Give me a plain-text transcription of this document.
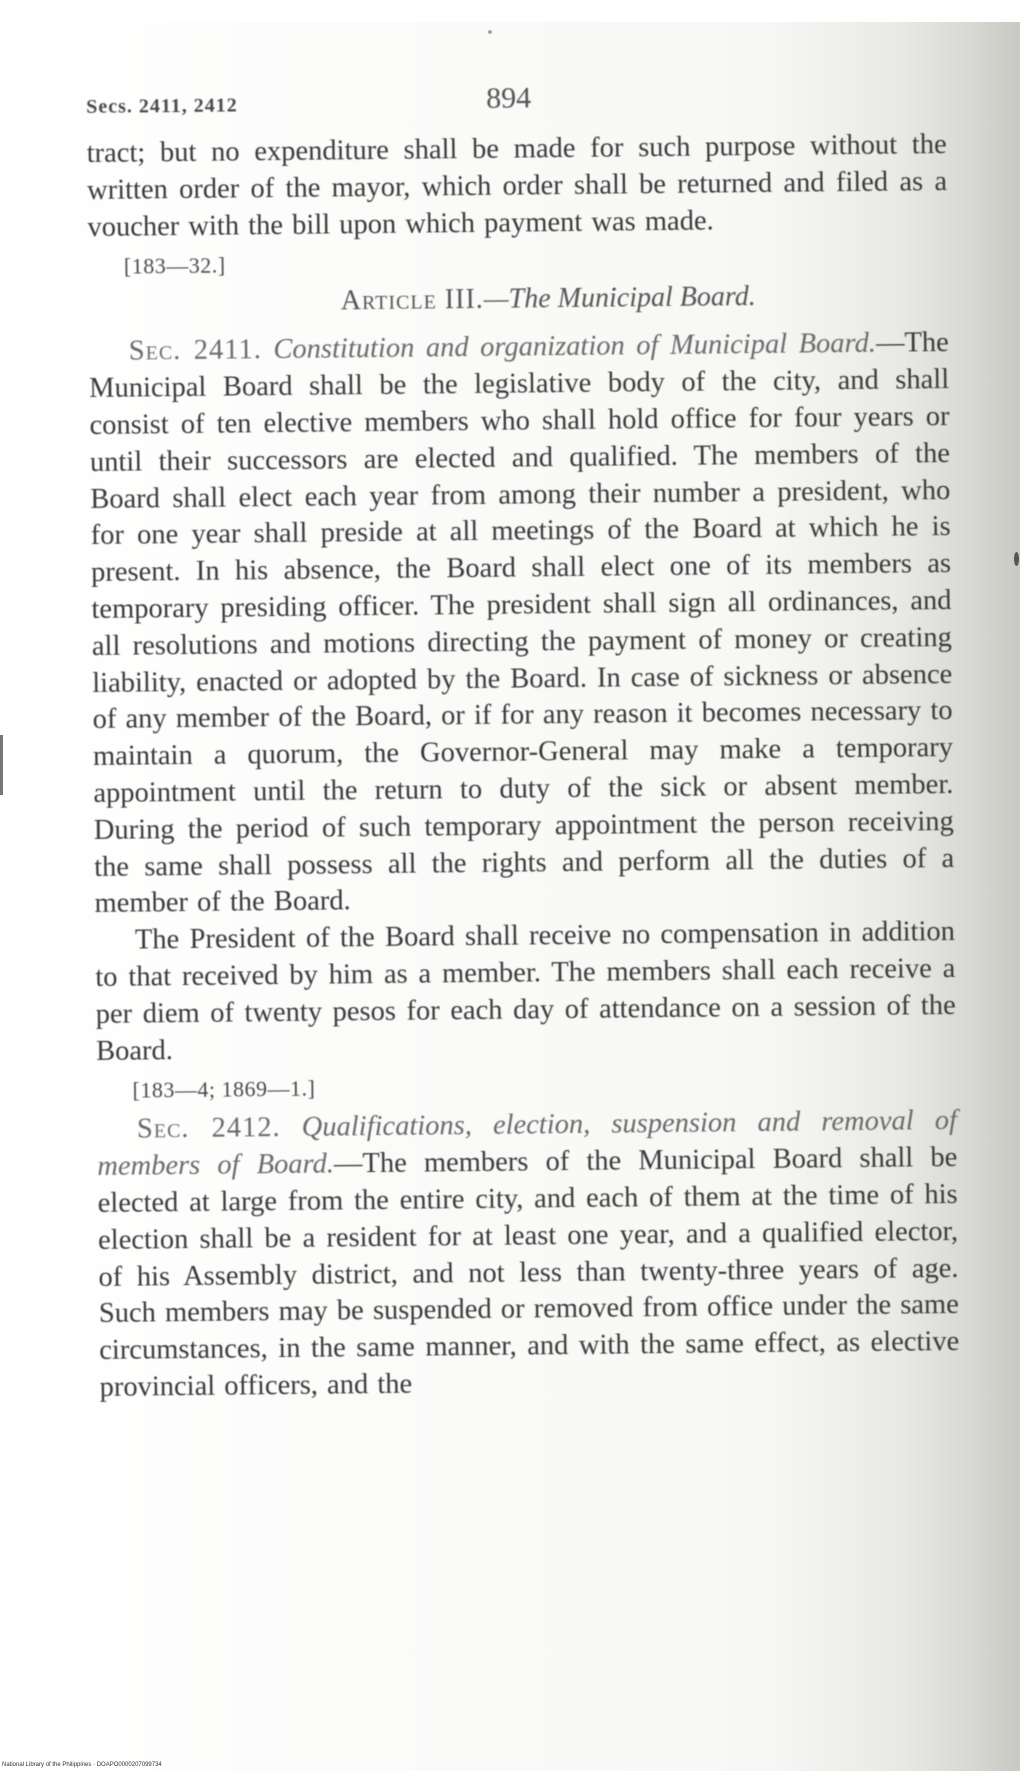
Secs. 2411, 2412	894

tract; but no expenditure shall be made for such purpose without the written order of the mayor, which order shall be returned and filed as a voucher with the bill upon which payment was made.

[183—32.]
Article III.—The Municipal Board.

Sec. 2411. Constitution and organization of Municipal Board.—The Municipal Board shall be the legislative body of the city, and shall consist of ten elective members who shall hold office for four years or until their successors are elected and qualified. The members of the Board shall elect each year from among their number a president, who for one year shall preside at all meetings of the Board at which he is present. In his absence, the Board shall elect one of its members as temporary presiding officer. The president shall sign all ordinances, and all resolutions and motions directing the payment of money or creating liability, enacted or adopted by the Board. In case of sickness or absence of any member of the Board, or if for any reason it becomes necessary to maintain a quorum, the Governor-General may make a temporary appointment until the return to duty of the sick or absent member. During the period of such temporary appointment the person receiving the same shall possess all the rights and perform all the duties of a member of the Board.

The President of the Board shall receive no compensation in addition to that received by him as a member. The members shall each receive a per diem of twenty pesos for each day of attendance on a session of the Board.

[183—4; 1869—1.]

Sec. 2412. Qualifications, election, suspension and removal of members of Board.—The members of the Municipal Board shall be elected at large from the entire city, and each of them at the time of his election shall be a resident for at least one year, and a qualified elector, of his Assembly district, and not less than twenty-three years of age. Such members may be suspended or removed from office under the same circumstances, in the same manner, and with the same effect, as elective provincial officers, and the

National Library of the Philippines · DOAPO0000207099734
